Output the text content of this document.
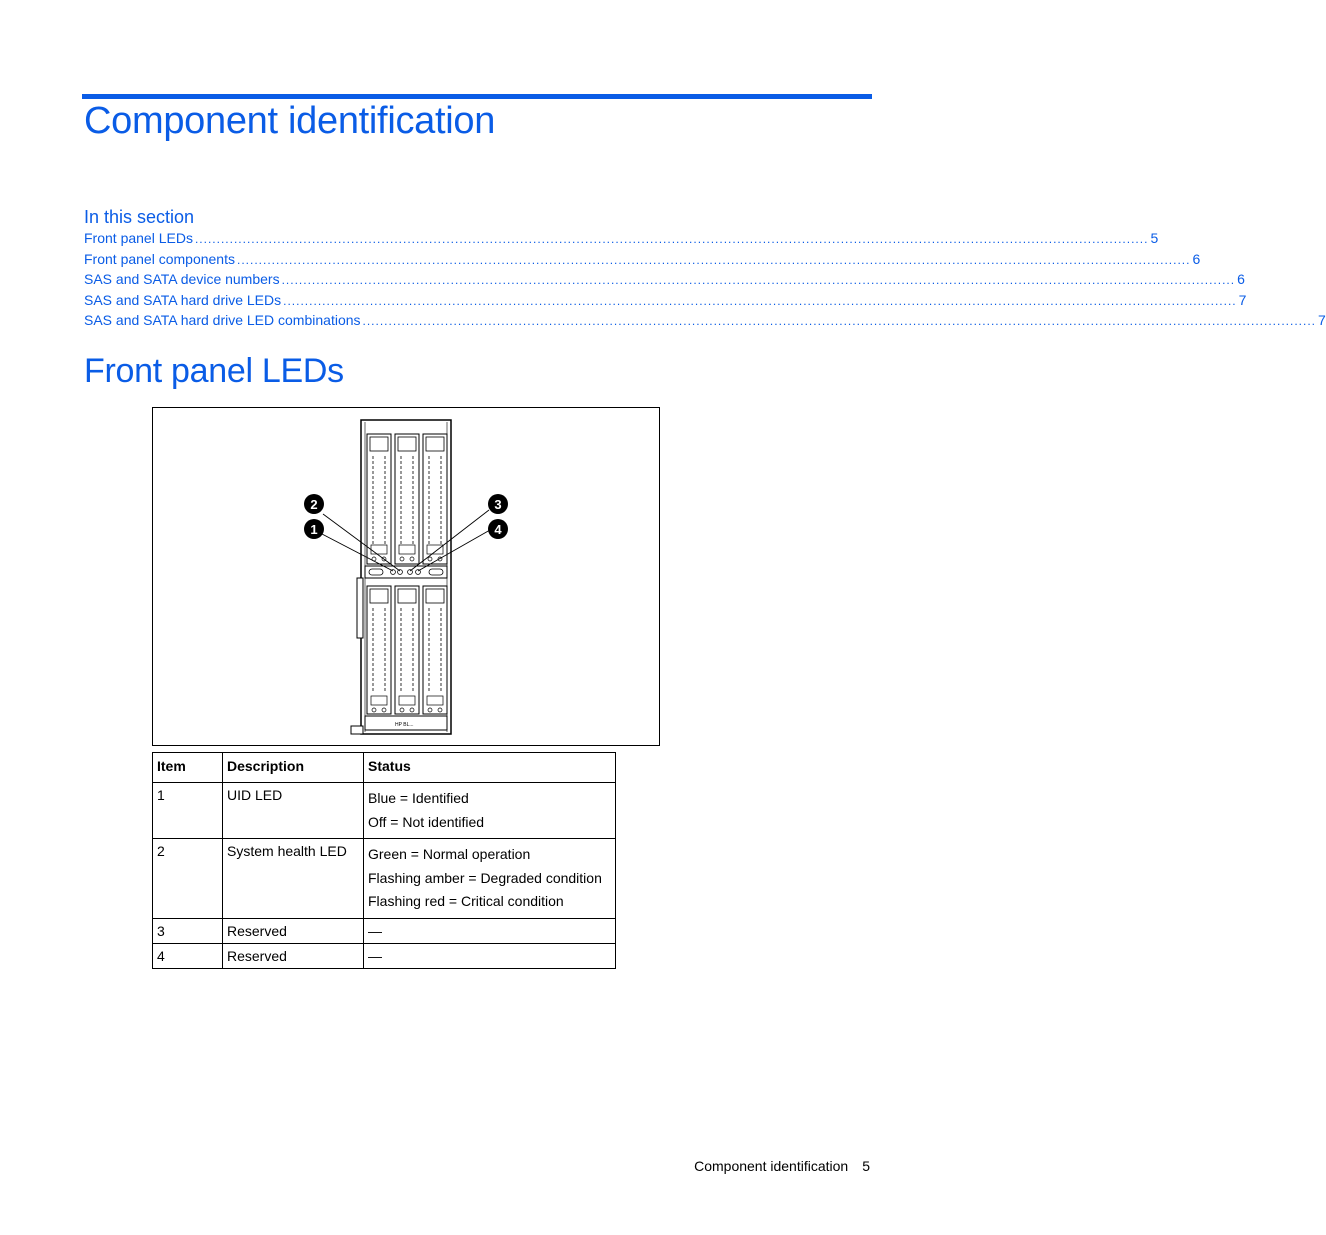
Component identification
In this section
Front panel LEDs ............................................................................................................................................................................................................................ 5
Front panel components ............................................................................................................................................................................................................................ 6
SAS and SATA device numbers ............................................................................................................................................................................................................................ 6
SAS and SATA hard drive LEDs ............................................................................................................................................................................................................................ 7
SAS and SATA hard drive LED combinations ............................................................................................................................................................................................................................ 7
Front panel LEDs
HP BL...
2
1
3
4
Item	Description	Status
1	UID LED	Blue = Identified
Off = Not identified

2	System health LED	Green = Normal operation
Flashing amber = Degraded condition
Flashing red = Critical condition

3	Reserved	—
4	Reserved	—
Component identification 5
